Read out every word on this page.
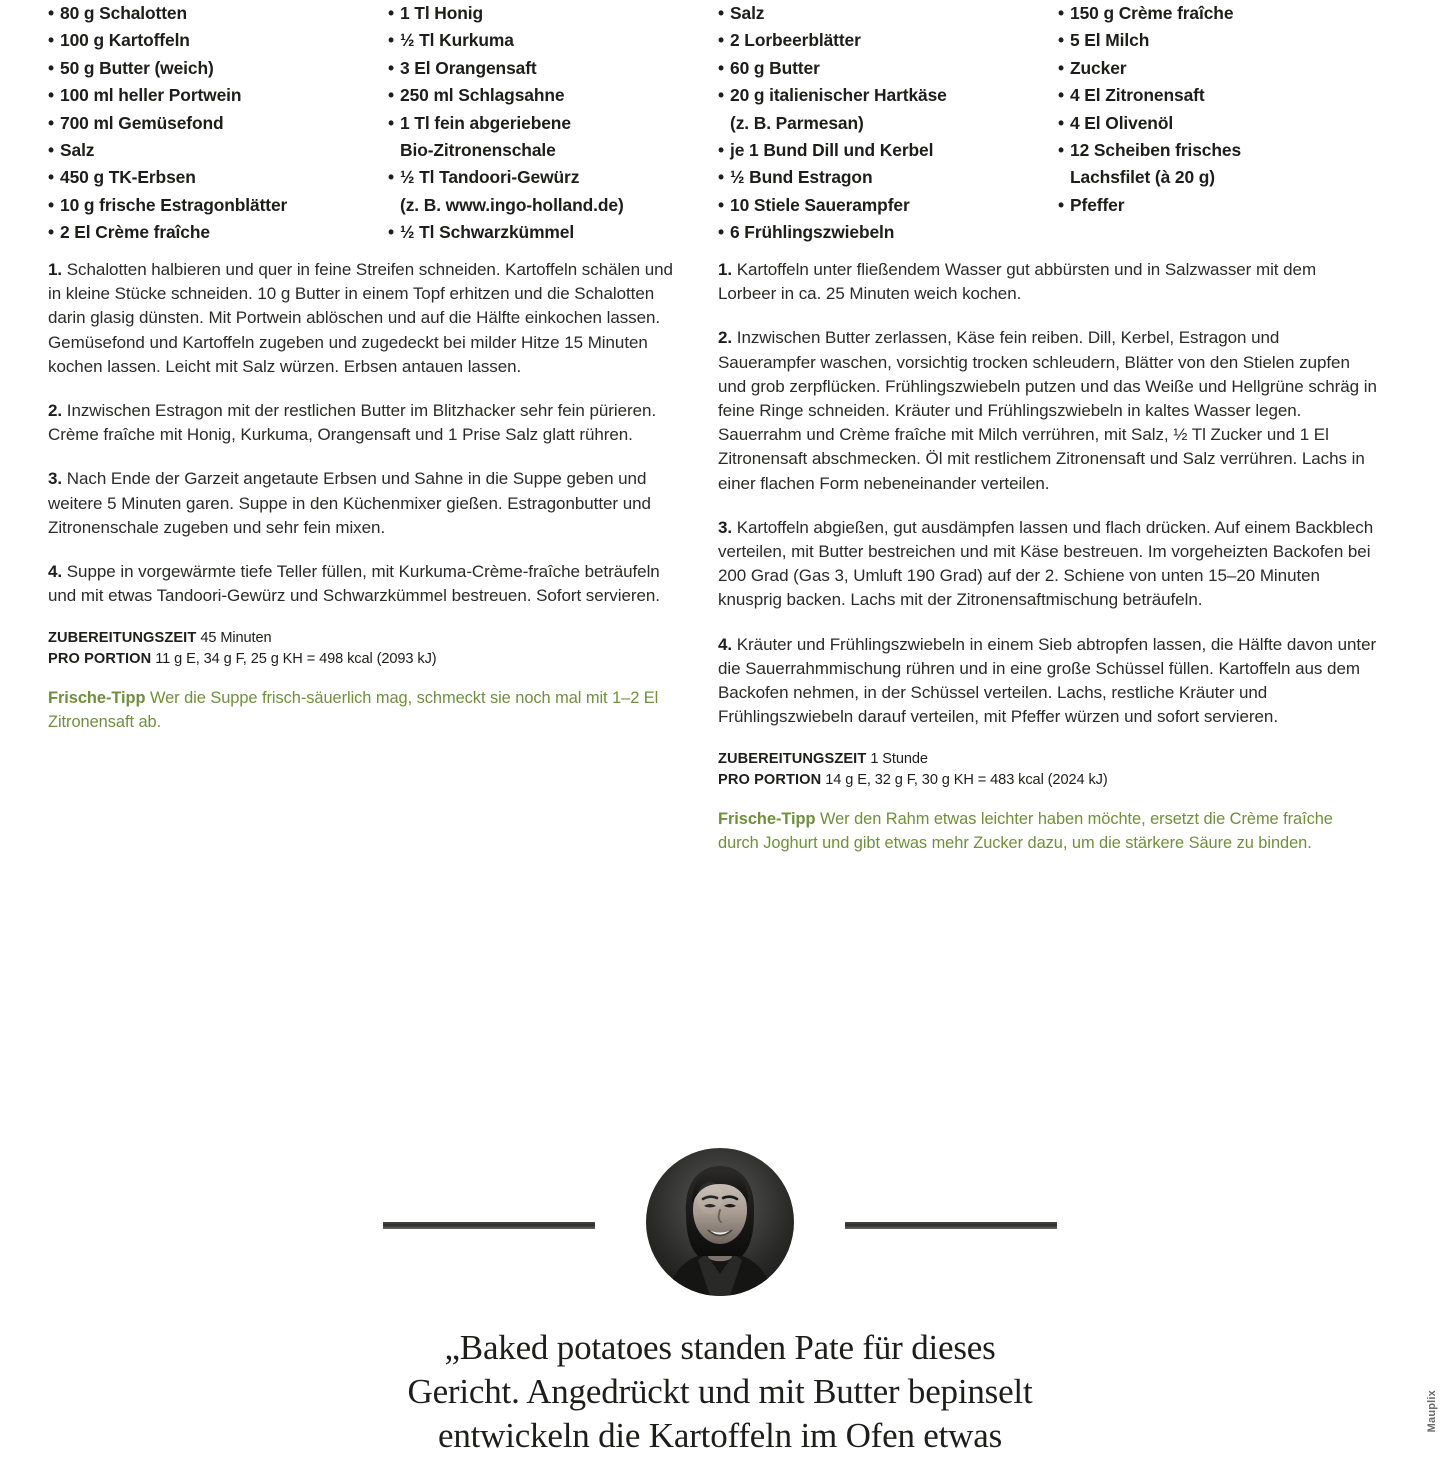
• 80 g Schalotten
• 100 g Kartoffeln
• 50 g Butter (weich)
• 100 ml heller Portwein
• 700 ml Gemüsefond
• Salz
• 450 g TK-Erbsen
• 10 g frische Estragonblätter
• 2 El Crème fraîche
• 1 Tl Honig
• ½ Tl Kurkuma
• 3 El Orangensaft
• 250 ml Schlagsahne
• 1 Tl fein abgeriebene
Bio-Zitronenschale
• ½ Tl Tandoori-Gewürz
(z. B. www.ingo-holland.de)
• ½ Tl Schwarzkümmel

1. Schalotten halbieren und quer in feine Streifen schneiden. Kartoffeln schälen und in kleine Stücke schneiden. 10 g Butter in einem Topf erhitzen und die Schalotten darin glasig dünsten. Mit Portwein ablöschen und auf die Hälfte einkochen lassen. Gemüsefond und Kartoffeln zugeben und zugedeckt bei milder Hitze 15 Minuten kochen lassen. Leicht mit Salz würzen. Erbsen antauen lassen.

2. Inzwischen Estragon mit der restlichen Butter im Blitzhacker sehr fein pürieren. Crème fraîche mit Honig, Kurkuma, Orangensaft und 1 Prise Salz glatt rühren.

3. Nach Ende der Garzeit angetaute Erbsen und Sahne in die Suppe geben und weitere 5 Minuten garen. Suppe in den Küchenmixer gießen. Estragonbutter und Zitronenschale zugeben und sehr fein mixen.

4. Suppe in vorgewärmte tiefe Teller füllen, mit Kurkuma-Crème-fraîche beträufeln und mit etwas Tandoori-Gewürz und Schwarzkümmel bestreuen. Sofort servieren.

ZUBEREITUNGSZEIT 45 Minuten
PRO PORTION 11 g E, 34 g F, 25 g KH = 498 kcal (2093 kJ)

Frische-Tipp Wer die Suppe frisch-säuerlich mag, schmeckt sie noch mal mit 1–2 El Zitronensaft ab.

• Salz
• 2 Lorbeerblätter
• 60 g Butter
• 20 g italienischer Hartkäse
(z. B. Parmesan)
• je 1 Bund Dill und Kerbel
• ½ Bund Estragon
• 10 Stiele Sauerampfer
• 6 Frühlingszwiebeln
• 150 g Crème fraîche
• 5 El Milch
• Zucker
• 4 El Zitronensaft
• 4 El Olivenöl
• 12 Scheiben frisches
Lachsfilet (à 20 g)
• Pfeffer

1. Kartoffeln unter fließendem Wasser gut abbürsten und in Salzwasser mit dem Lorbeer in ca. 25 Minuten weich kochen.

2. Inzwischen Butter zerlassen, Käse fein reiben. Dill, Kerbel, Estragon und Sauerampfer waschen, vorsichtig trocken schleudern, Blätter von den Stielen zupfen und grob zerpflücken. Frühlingszwiebeln putzen und das Weiße und Hellgrüne schräg in feine Ringe schneiden. Kräuter und Frühlingszwiebeln in kaltes Wasser legen. Sauerrahm und Crème fraîche mit Milch verrühren, mit Salz, ½ Tl Zucker und 1 El Zitronensaft abschmecken. Öl mit restlichem Zitronensaft und Salz verrühren. Lachs in einer flachen Form nebeneinander verteilen.

3. Kartoffeln abgießen, gut ausdämpfen lassen und flach drücken. Auf einem Backblech verteilen, mit Butter bestreichen und mit Käse bestreuen. Im vorgeheizten Backofen bei 200 Grad (Gas 3, Umluft 190 Grad) auf der 2. Schiene von unten 15–20 Minuten knusprig backen. Lachs mit der Zitronensaftmischung beträufeln.

4. Kräuter und Frühlingszwiebeln in einem Sieb abtropfen lassen, die Hälfte davon unter die Sauerrahmmischung rühren und in eine große Schüssel füllen. Kartoffeln aus dem Backofen nehmen, in der Schüssel verteilen. Lachs, restliche Kräuter und Frühlingszwiebeln darauf verteilen, mit Pfeffer würzen und sofort servieren.

ZUBEREITUNGSZEIT 1 Stunde
PRO PORTION 14 g E, 32 g F, 30 g KH = 483 kcal (2024 kJ)

Frische-Tipp Wer den Rahm etwas leichter haben möchte, ersetzt die Crème fraîche durch Joghurt und gibt etwas mehr Zucker dazu, um die stärkere Säure zu binden.

„Baked potatoes standen Pate für dieses
Gericht. Angedrückt und mit Butter bepinselt
entwickeln die Kartoffeln im Ofen etwas
Mauplix
